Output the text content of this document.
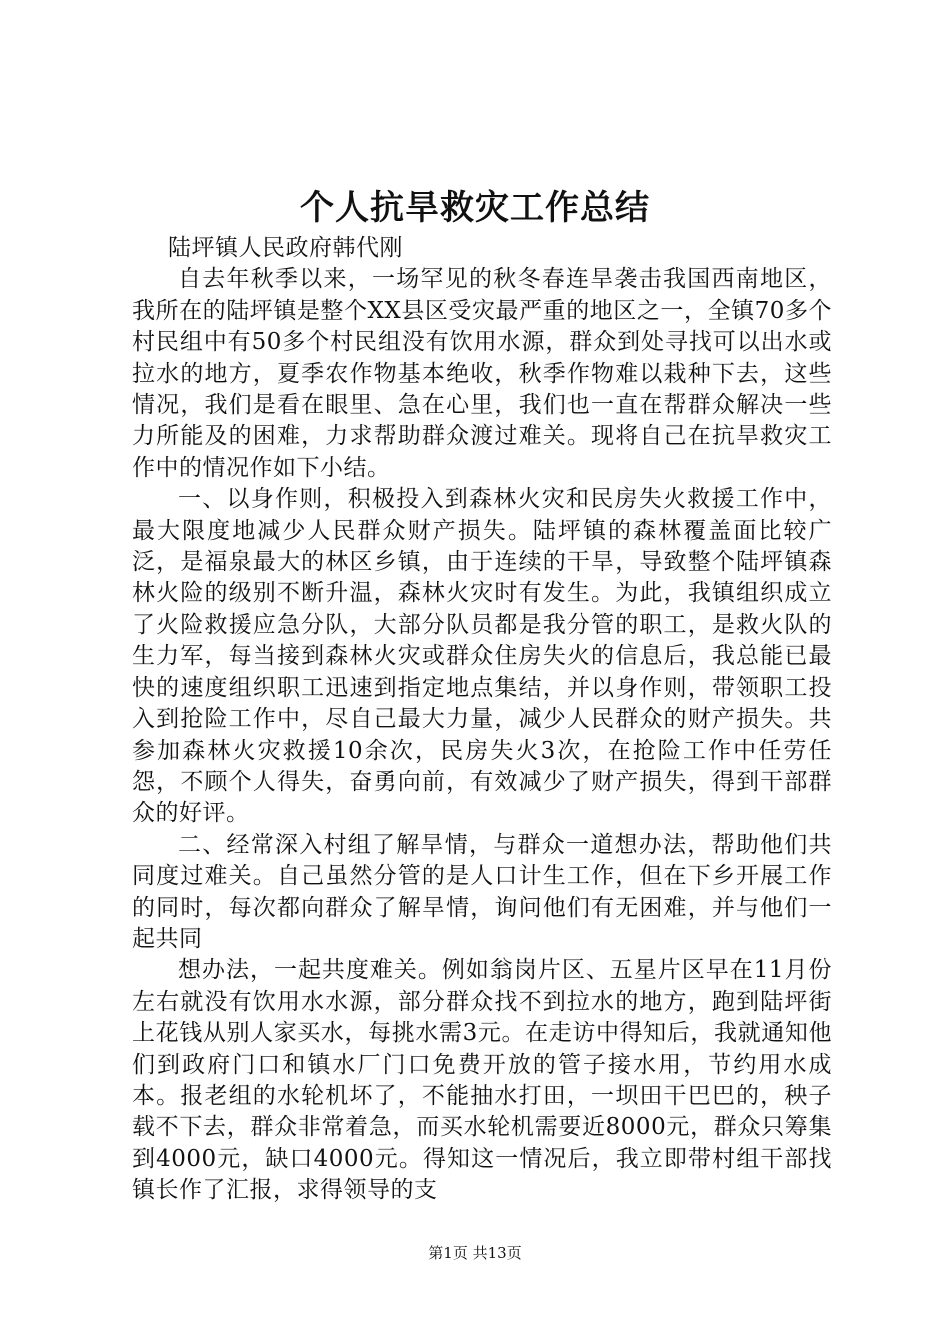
个人抗旱救灾工作总结
陆坪镇人民政府韩代刚

自去年秋季以来，一场罕见的秋冬春连旱袭击我国西南地区，我所在的陆坪镇是整个XX县区受灾最严重的地区之一，全镇70多个村民组中有50多个村民组没有饮用水源，群众到处寻找可以出水或拉水的地方，夏季农作物基本绝收，秋季作物难以栽种下去，这些情况，我们是看在眼里、急在心里，我们也一直在帮群众解决一些力所能及的困难，力求帮助群众渡过难关。现将自己在抗旱救灾工作中的情况作如下小结。

一、以身作则，积极投入到森林火灾和民房失火救援工作中，最大限度地减少人民群众财产损失。陆坪镇的森林覆盖面比较广泛，是福泉最大的林区乡镇，由于连续的干旱，导致整个陆坪镇森林火险的级别不断升温，森林火灾时有发生。为此，我镇组织成立了火险救援应急分队，大部分队员都是我分管的职工，是救火队的生力军，每当接到森林火灾或群众住房失火的信息后，我总能已最快的速度组织职工迅速到指定地点集结，并以身作则，带领职工投入到抢险工作中，尽自己最大力量，减少人民群众的财产损失。共参加森林火灾救援10余次，民房失火3次，在抢险工作中任劳任怨，不顾个人得失，奋勇向前，有效减少了财产损失，得到干部群众的好评。

二、经常深入村组了解旱情，与群众一道想办法，帮助他们共同度过难关。自己虽然分管的是人口计生工作，但在下乡开展工作的同时，每次都向群众了解旱情，询问他们有无困难，并与他们一起共同

想办法，一起共度难关。例如翁岗片区、五星片区早在11月份左右就没有饮用水水源，部分群众找不到拉水的地方，跑到陆坪街上花钱从别人家买水，每挑水需3元。在走访中得知后，我就通知他们到政府门口和镇水厂门口免费开放的管子接水用，节约用水成本。报老组的水轮机坏了，不能抽水打田，一坝田干巴巴的，秧子载不下去，群众非常着急，而买水轮机需要近8000元，群众只筹集到4000元，缺口4000元。得知这一情况后，我立即带村组干部找镇长作了汇报，求得领导的支

第1页 共13页
